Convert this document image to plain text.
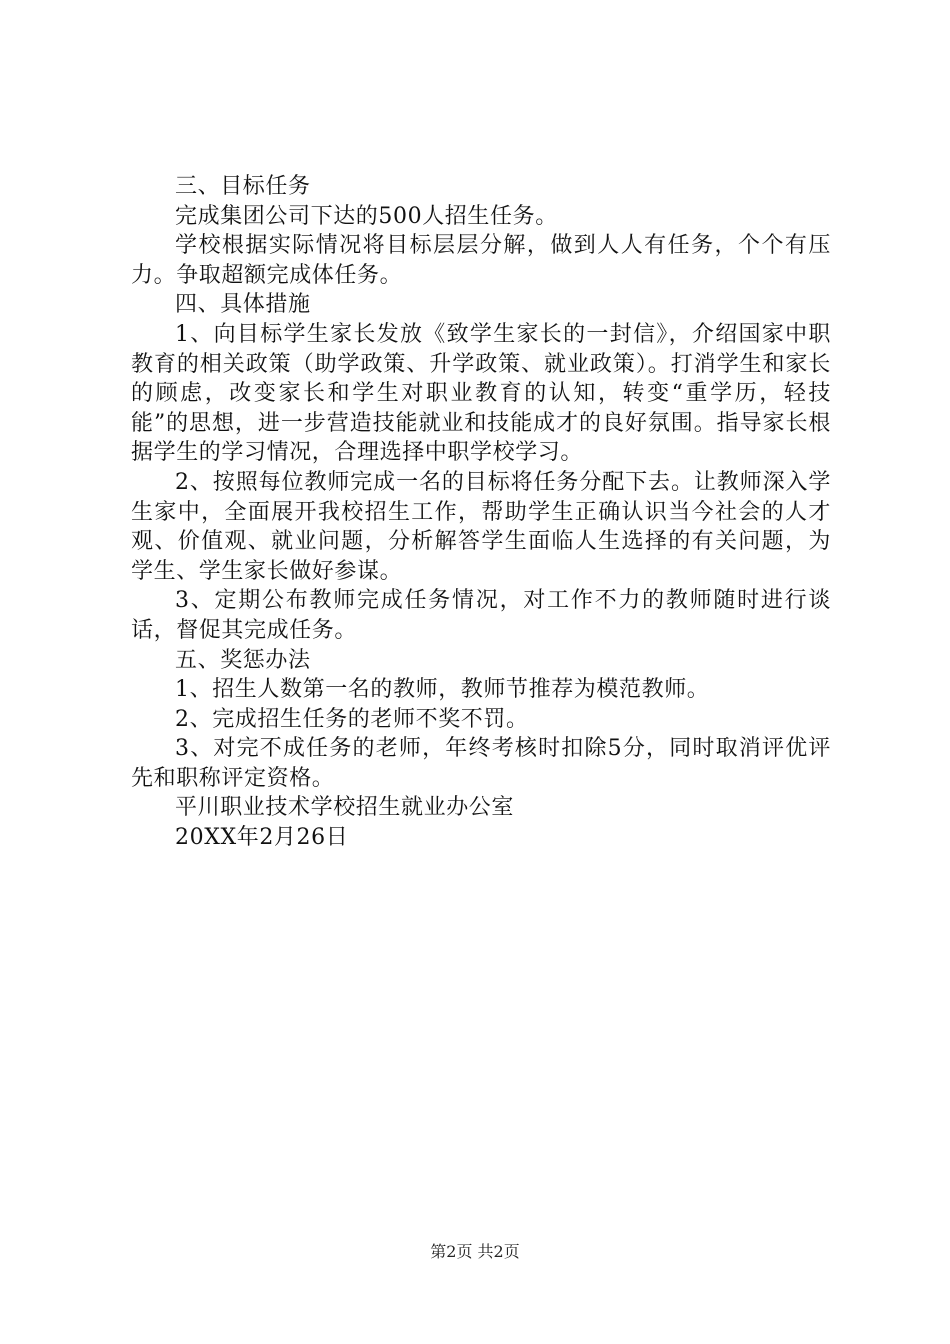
三、目标任务

完成集团公司下达的500人招生任务。

学校根据实际情况将目标层层分解，做到人人有任务，个个有压力。争取超额完成体任务。

四、具体措施

1、向目标学生家长发放《致学生家长的一封信》，介绍国家中职教育的相关政策（助学政策、升学政策、就业政策）。打消学生和家长的顾虑，改变家长和学生对职业教育的认知，转变“重学历，轻技能”的思想，进一步营造技能就业和技能成才的良好氛围。指导家长根据学生的学习情况，合理选择中职学校学习。

2、按照每位教师完成一名的目标将任务分配下去。让教师深入学生家中，全面展开我校招生工作，帮助学生正确认识当今社会的人才观、价值观、就业问题，分析解答学生面临人生选择的有关问题，为学生、学生家长做好参谋。

3、定期公布教师完成任务情况，对工作不力的教师随时进行谈话，督促其完成任务。

五、奖惩办法

1、招生人数第一名的教师，教师节推荐为模范教师。

2、完成招生任务的老师不奖不罚。

3、对完不成任务的老师，年终考核时扣除5分，同时取消评优评先和职称评定资格。

平川职业技术学校招生就业办公室

20XX年2月26日

第2页 共2页
